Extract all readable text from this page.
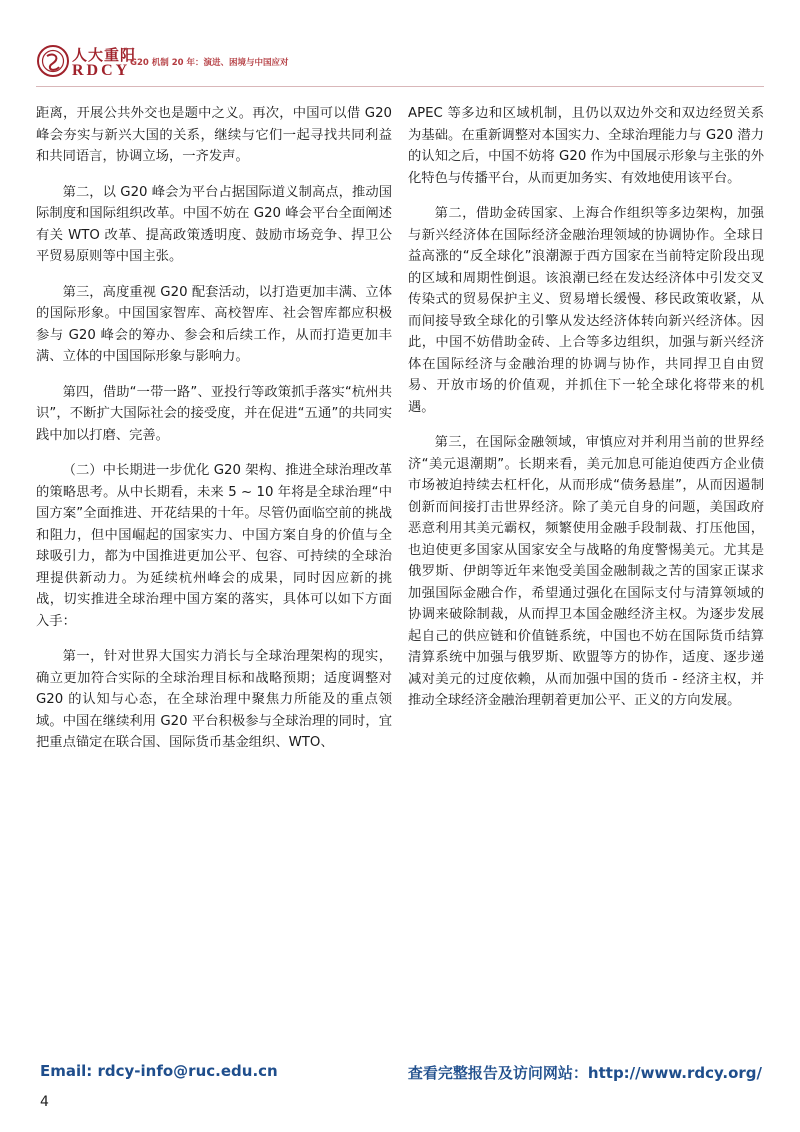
人大重阳
RDCY G20 机制 20 年：演进、困境与中国应对

距离，开展公共外交也是题中之义。再次，中国可以借 G20 峰会夯实与新兴大国的关系，继续与它们一起寻找共同利益和共同语言，协调立场，一齐发声。

第二，以 G20 峰会为平台占据国际道义制高点，推动国际制度和国际组织改革。中国不妨在 G20 峰会平台全面阐述有关 WTO 改革、提高政策透明度、鼓励市场竞争、捍卫公平贸易原则等中国主张。

第三，高度重视 G20 配套活动，以打造更加丰满、立体的国际形象。中国国家智库、高校智库、社会智库都应积极参与 G20 峰会的筹办、参会和后续工作，从而打造更加丰满、立体的中国国际形象与影响力。

第四，借助“一带一路”、亚投行等政策抓手落实“杭州共识”，不断扩大国际社会的接受度，并在促进“五通”的共同实践中加以打磨、完善。

（二）中长期进一步优化 G20 架构、推进全球治理改革的策略思考。从中长期看，未来 5 ~ 10 年将是全球治理“中国方案”全面推进、开花结果的十年。尽管仍面临空前的挑战和阻力，但中国崛起的国家实力、中国方案自身的价值与全球吸引力，都为中国推进更加公平、包容、可持续的全球治理提供新动力。为延续杭州峰会的成果，同时因应新的挑战，切实推进全球治理中国方案的落实，具体可以如下方面入手：

第一，针对世界大国实力消长与全球治理架构的现实，确立更加符合实际的全球治理目标和战略预期；适度调整对 G20 的认知与心态，在全球治理中聚焦力所能及的重点领域。中国在继续利用 G20 平台积极参与全球治理的同时，宜把重点锚定在联合国、国际货币基金组织、WTO、

APEC 等多边和区域机制，且仍以双边外交和双边经贸关系为基础。在重新调整对本国实力、全球治理能力与 G20 潜力的认知之后，中国不妨将 G20 作为中国展示形象与主张的外化特色与传播平台，从而更加务实、有效地使用该平台。

第二，借助金砖国家、上海合作组织等多边架构，加强与新兴经济体在国际经济金融治理领域的协调协作。全球日益高涨的“反全球化”浪潮源于西方国家在当前特定阶段出现的区域和周期性倒退。该浪潮已经在发达经济体中引发交叉传染式的贸易保护主义、贸易增长缓慢、移民政策收紧，从而间接导致全球化的引擎从发达经济体转向新兴经济体。因此，中国不妨借助金砖、上合等多边组织，加强与新兴经济体在国际经济与金融治理的协调与协作，共同捍卫自由贸易、开放市场的价值观，并抓住下一轮全球化将带来的机遇。

第三，在国际金融领域，审慎应对并利用当前的世界经济“美元退潮期”。长期来看，美元加息可能迫使西方企业债市场被迫持续去杠杆化，从而形成“债务悬崖”，从而因遏制创新而间接打击世界经济。除了美元自身的问题，美国政府恶意利用其美元霸权，频繁使用金融手段制裁、打压他国，也迫使更多国家从国家安全与战略的角度警惕美元。尤其是俄罗斯、伊朗等近年来饱受美国金融制裁之苦的国家正谋求加强国际金融合作，希望通过强化在国际支付与清算领域的协调来破除制裁，从而捍卫本国金融经济主权。为逐步发展起自己的供应链和价值链系统，中国也不妨在国际货币结算清算系统中加强与俄罗斯、欧盟等方的协作，适度、逐步递减对美元的过度依赖，从而加强中国的货币 - 经济主权，并推动全球经济金融治理朝着更加公平、正义的方向发展。

Email: rdcy-info@ruc.edu.cn	查看完整报告及访问网站：http://www.rdcy.org/
4
